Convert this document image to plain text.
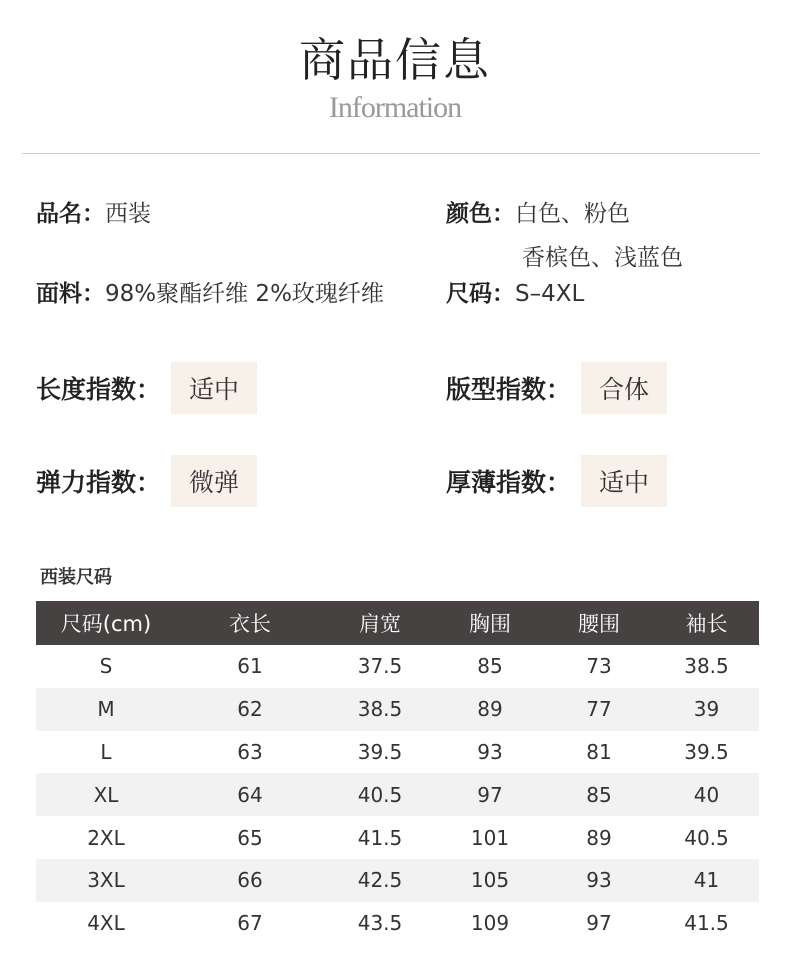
商品信息
Information
品名：西装
面料：98%聚酯纤维 2%玫瑰纤维
颜色：白色、粉色
香槟色、浅蓝色
尺码：S–4XL
长度指数：	适中	版型指数：	合体
弹力指数：	微弹	厚薄指数：	适中
西装尺码
尺码(cm)	衣长	肩宽	胸围	腰围	袖长
S	61	37.5	85	73	38.5
M	62	38.5	89	77	39
L	63	39.5	93	81	39.5
XL	64	40.5	97	85	40
2XL	65	41.5	101	89	40.5
3XL	66	42.5	105	93	41
4XL	67	43.5	109	97	41.5
